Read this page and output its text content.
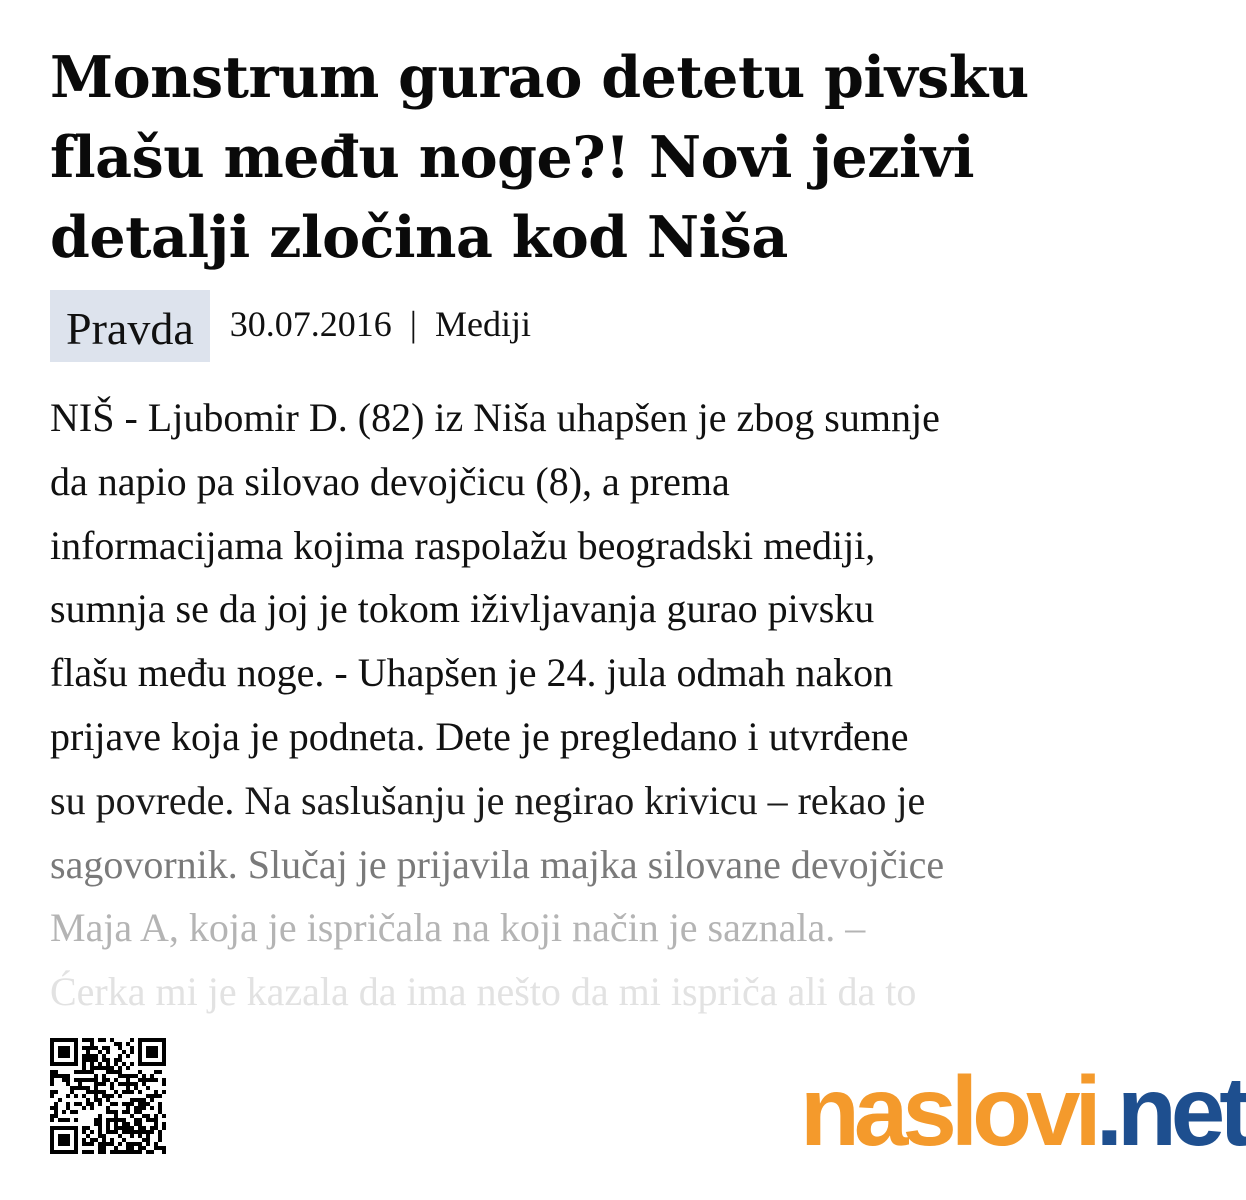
Monstrum gurao detetu pivsku flašu među noge?! Novi jezivi detalji zločina kod Niša
Pravda	30.07.2016 | Mediji
NIŠ - Ljubomir D. (82) iz Niša uhapšen je zbog sumnje
da napio pa silovao devojčicu (8), a prema
informacijama kojima raspolažu beogradski mediji,
sumnja se da joj je tokom iživljavanja gurao pivsku
flašu među noge. - Uhapšen je 24. jula odmah nakon
prijave koja je podneta. Dete je pregledano i utvrđene
su povrede. Na saslušanju je negirao krivicu – rekao je
sagovornik. Slučaj je prijavila majka silovane devojčice
Maja A, koja je ispričala na koji način je saznala. –
Ćerka mi je kazala da ima nešto da mi ispriča ali da to
naslovi.net
